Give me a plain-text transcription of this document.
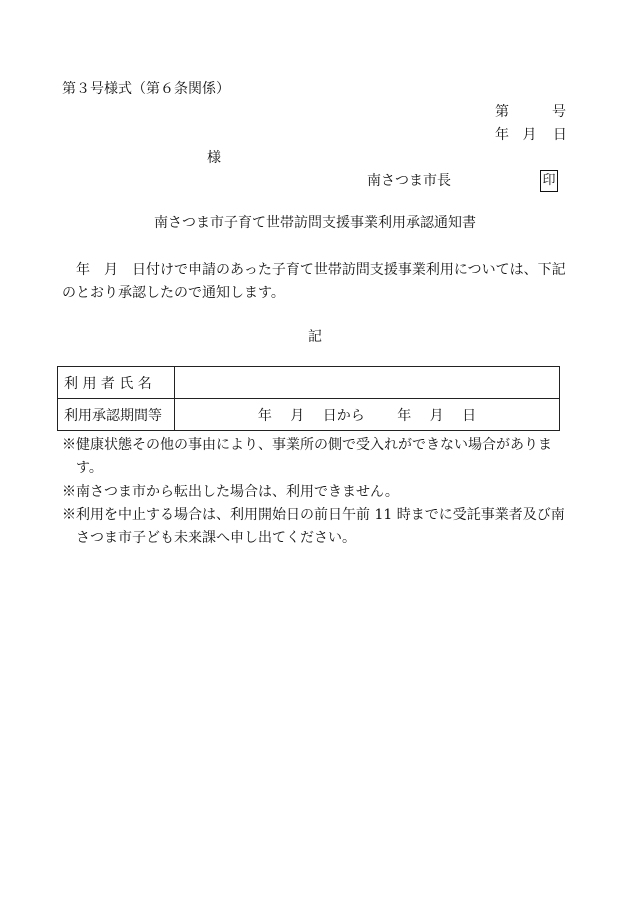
第３号様式（第６条関係）
第	号
年 月 日
様
南さつま市長	印
南さつま市子育て世帯訪問支援事業利用承認通知書
年　月　日付けで申請のあった子育て世帯訪問支援事業利用については、下記のとおり承認したので通知します。
記
利 用 者 氏 名	
利用承認期間等	年　 月　 日から　　 年　 月　 日
※健康状態その他の事由により、事業所の側で受入れができない場合があります。
※南さつま市から転出した場合は、利用できません。
※利用を中止する場合は、利用開始日の前日午前 11 時までに受託事業者及び南さつま市子ども未来課へ申し出てください。
